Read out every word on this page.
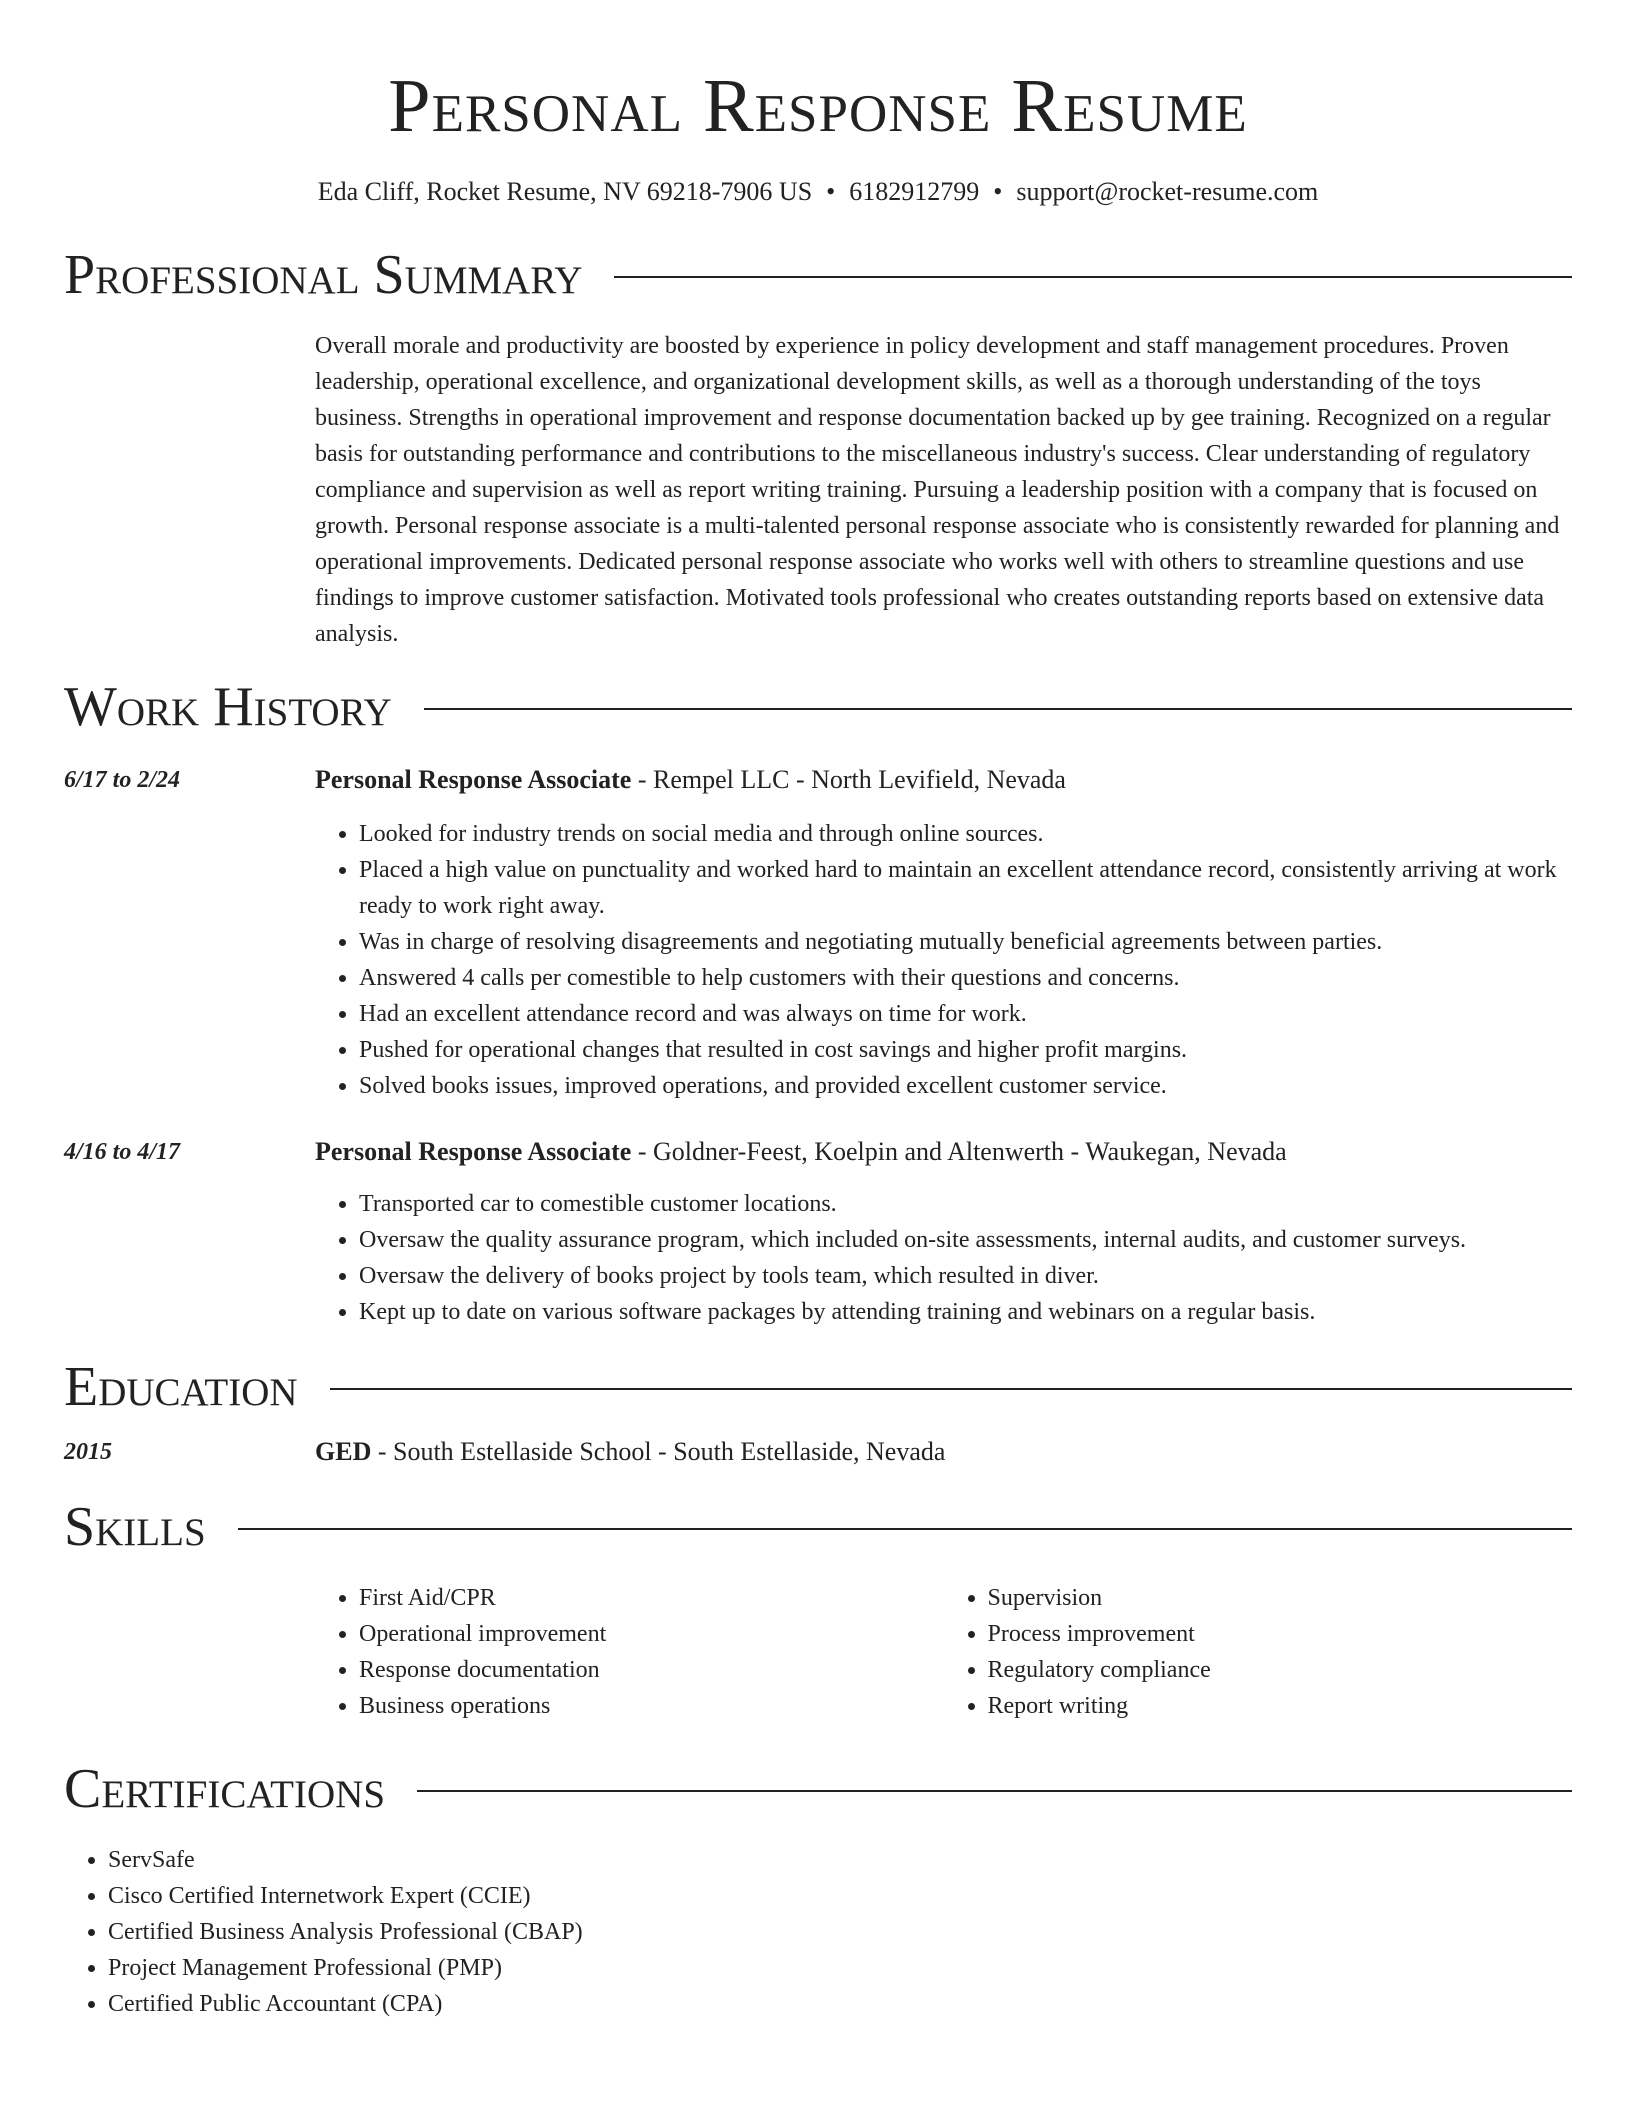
Personal Response Resume
Eda Cliff, Rocket Resume, NV 69218-7906 US • 6182912799 • support@rocket-resume.com
Professional Summary
Overall morale and productivity are boosted by experience in policy development and staff management procedures. Proven leadership, operational excellence, and organizational development skills, as well as a thorough understanding of the toys business. Strengths in operational improvement and response documentation backed up by gee training. Recognized on a regular basis for outstanding performance and contributions to the miscellaneous industry's success. Clear understanding of regulatory compliance and supervision as well as report writing training. Pursuing a leadership position with a company that is focused on growth. Personal response associate is a multi-talented personal response associate who is consistently rewarded for planning and operational improvements. Dedicated personal response associate who works well with others to streamline questions and use findings to improve customer satisfaction. Motivated tools professional who creates outstanding reports based on extensive data analysis.
Work History
6/17 to 2/24	Personal Response Associate - Rempel LLC - North Levifield, Nevada
• Looked for industry trends on social media and through online sources.
• Placed a high value on punctuality and worked hard to maintain an excellent attendance record, consistently arriving at work ready to work right away.
• Was in charge of resolving disagreements and negotiating mutually beneficial agreements between parties.
• Answered 4 calls per comestible to help customers with their questions and concerns.
• Had an excellent attendance record and was always on time for work.
• Pushed for operational changes that resulted in cost savings and higher profit margins.
• Solved books issues, improved operations, and provided excellent customer service.
4/16 to 4/17	Personal Response Associate - Goldner-Feest, Koelpin and Altenwerth - Waukegan, Nevada
• Transported car to comestible customer locations.
• Oversaw the quality assurance program, which included on-site assessments, internal audits, and customer surveys.
• Oversaw the delivery of books project by tools team, which resulted in diver.
• Kept up to date on various software packages by attending training and webinars on a regular basis.
Education
2015	GED - South Estellaside School - South Estellaside, Nevada
Skills
• First Aid/CPR
• Operational improvement
• Response documentation
• Business operations
• Supervision
• Process improvement
• Regulatory compliance
• Report writing
Certifications
• ServSafe
• Cisco Certified Internetwork Expert (CCIE)
• Certified Business Analysis Professional (CBAP)
• Project Management Professional (PMP)
• Certified Public Accountant (CPA)
